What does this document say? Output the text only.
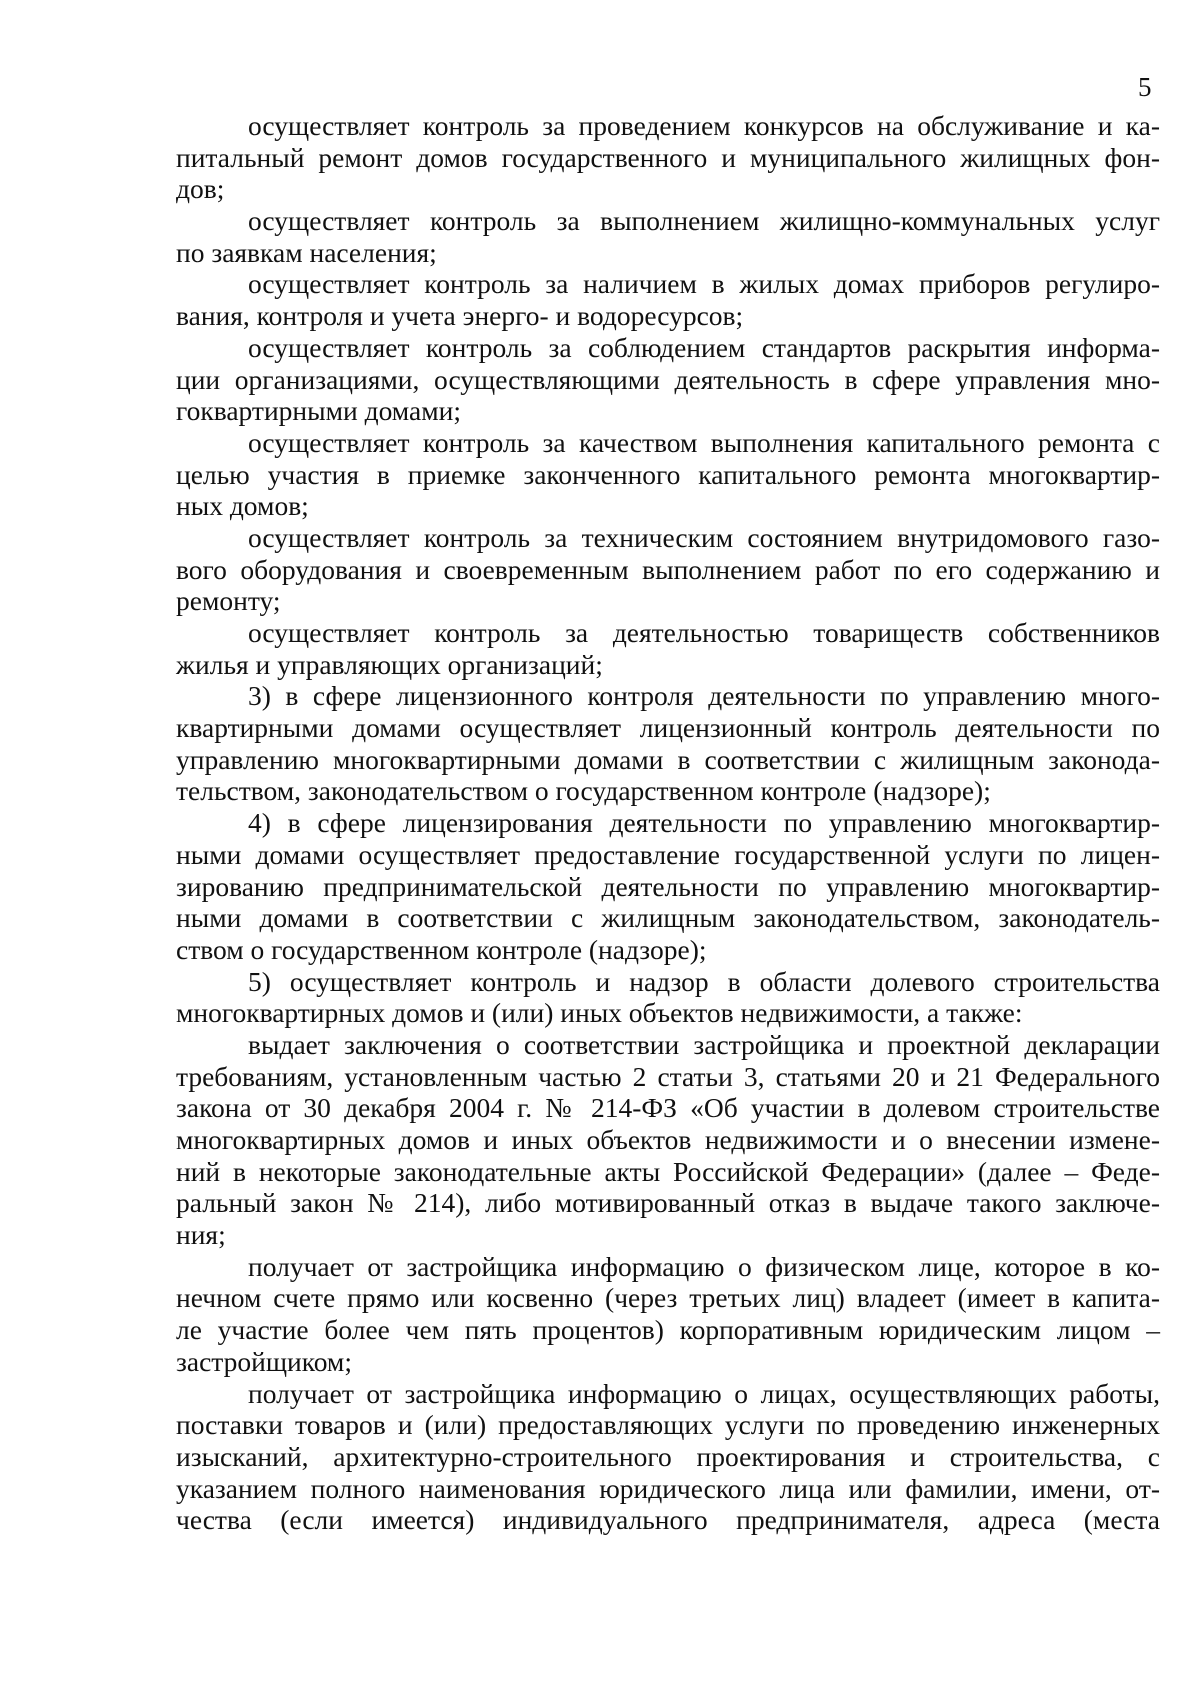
5
осуществляет контроль за проведением конкурсов на обслуживание и ка-
питальный ремонт домов государственного и муниципального жилищных фон-
дов;
осуществляет контроль за выполнением жилищно-коммунальных услуг
по заявкам населения;
осуществляет контроль за наличием в жилых домах приборов регулиро-
вания, контроля и учета энерго- и водоресурсов;
осуществляет контроль за соблюдением стандартов раскрытия информа-
ции организациями, осуществляющими деятельность в сфере управления мно-
гоквартирными домами;
осуществляет контроль за качеством выполнения капитального ремонта с
целью участия в приемке законченного капитального ремонта многоквартир-
ных домов;
осуществляет контроль за техническим состоянием внутридомового газо-
вого оборудования и своевременным выполнением работ по его содержанию и
ремонту;
осуществляет контроль за деятельностью товариществ собственников
жилья и управляющих организаций;
3) в сфере лицензионного контроля деятельности по управлению много-
квартирными домами осуществляет лицензионный контроль деятельности по
управлению многоквартирными домами в соответствии с жилищным законода-
тельством, законодательством о государственном контроле (надзоре);
4) в сфере лицензирования деятельности по управлению многоквартир-
ными домами осуществляет предоставление государственной услуги по лицен-
зированию предпринимательской деятельности по управлению многоквартир-
ными домами в соответствии с жилищным законодательством, законодатель-
ством о государственном контроле (надзоре);
5) осуществляет контроль и надзор в области долевого строительства
многоквартирных домов и (или) иных объектов недвижимости, а также:
выдает заключения о соответствии застройщика и проектной декларации
требованиям, установленным частью 2 статьи 3, статьями 20 и 21 Федерального
закона от 30 декабря 2004 г. № 214-ФЗ «Об участии в долевом строительстве
многоквартирных домов и иных объектов недвижимости и о внесении измене-
ний в некоторые законодательные акты Российской Федерации» (далее – Феде-
ральный закон № 214), либо мотивированный отказ в выдаче такого заключе-
ния;
получает от застройщика информацию о физическом лице, которое в ко-
нечном счете прямо или косвенно (через третьих лиц) владеет (имеет в капита-
ле участие более чем пять процентов) корпоративным юридическим лицом –
застройщиком;
получает от застройщика информацию о лицах, осуществляющих работы,
поставки товаров и (или) предоставляющих услуги по проведению инженерных
изысканий, архитектурно-строительного проектирования и строительства, с
указанием полного наименования юридического лица или фамилии, имени, от-
чества (если имеется) индивидуального предпринимателя, адреса (места
